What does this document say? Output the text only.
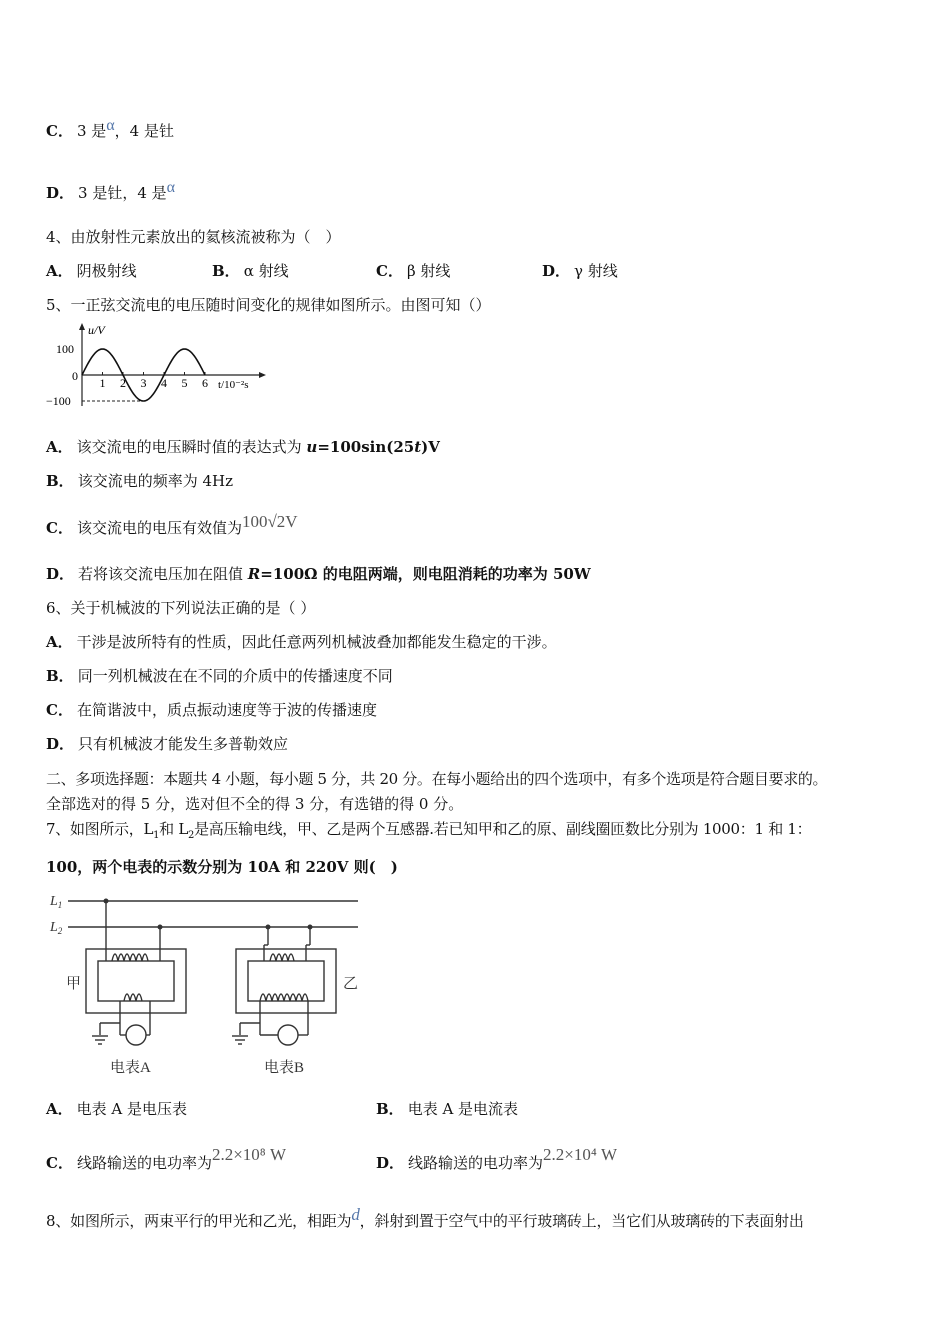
C． 3 是α，4 是钍
D． 3 是钍，4 是α
4、由放射性元素放出的氦核流被称为（　）
A． 阴极射线	B． α 射线	C． β 射线	D． γ 射线
5、一正弦交流电的电压随时间变化的规律如图所示。由图可知（）
u/V
100
0
−100
1 2 3 4 5 6 t/10⁻²s
A． 该交流电的电压瞬时值的表达式为 u=100sin(25t)V
B． 该交流电的频率为 4Hz
C． 该交流电的电压有效值为100√2V
D． 若将该交流电压加在阻值 R=100Ω 的电阻两端，则电阻消耗的功率为 50W
6、关于机械波的下列说法正确的是（ ）
A． 干涉是波所特有的性质，因此任意两列机械波叠加都能发生稳定的干涉。
B． 同一列机械波在在不同的介质中的传播速度不同
C． 在简谐波中，质点振动速度等于波的传播速度
D． 只有机械波才能发生多普勒效应
二、多项选择题：本题共 4 小题，每小题 5 分，共 20 分。在每小题给出的四个选项中，有多个选项是符合题目要求的。
全部选对的得 5 分，选对但不全的得 3 分，有选错的得 0 分。
7、如图所示，$L_1$和 $L_2$是高压输电线，甲、乙是两个互感器.若已知甲和乙的原、副线圈匝数比分别为 1000：1 和 1：
100，两个电表的示数分别为 10A 和 220V 则(　)
$L_1$
$L_2$
甲	乙
电表A	电表B
A． 电表 A 是电压表	B． 电表 A 是电流表
C． 线路输送的电功率为2.2×10⁸ W	D． 线路输送的电功率为2.2×10⁴ W
8、如图所示，两束平行的甲光和乙光，相距为d，斜射到置于空气中的平行玻璃砖上，当它们从玻璃砖的下表面射出
